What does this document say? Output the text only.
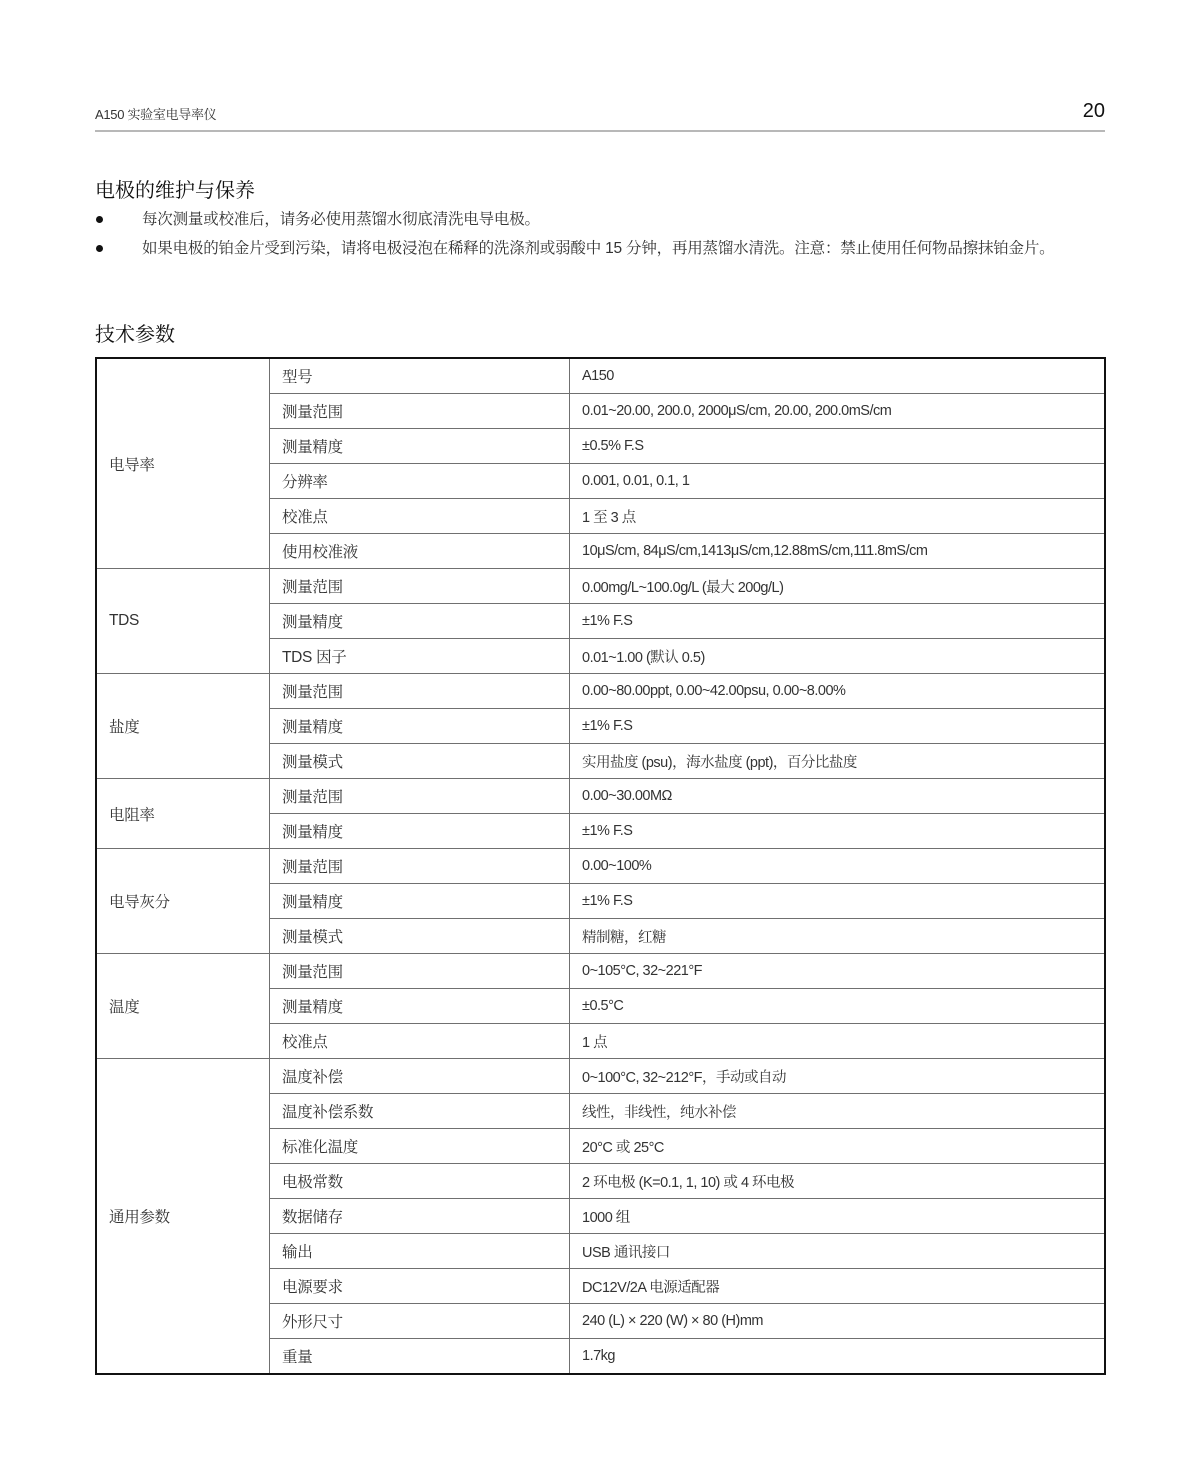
A150 实验室电导率仪	20
电极的维护与保养
每次测量或校准后，请务必使用蒸馏水彻底清洗电导电极。
如果电极的铂金片受到污染，请将电极浸泡在稀释的洗涤剂或弱酸中 15 分钟，再用蒸馏水清洗。注意：禁止使用任何物品擦抹铂金片。
技术参数
电导率	型号	A150
	测量范围	0.01~20.00, 200.0, 2000μS/cm, 20.00, 200.0mS/cm
	测量精度	±0.5% F.S
	分辨率	0.001, 0.01, 0.1, 1
	校准点	1 至 3 点
	使用校准液	10μS/cm, 84μS/cm,1413μS/cm,12.88mS/cm,111.8mS/cm
TDS	测量范围	0.00mg/L~100.0g/L (最大 200g/L)
	测量精度	±1% F.S
	TDS 因子	0.01~1.00 (默认 0.5)
盐度	测量范围	0.00~80.00ppt, 0.00~42.00psu, 0.00~8.00%
	测量精度	±1% F.S
	测量模式	实用盐度 (psu)，海水盐度 (ppt)，百分比盐度
电阻率	测量范围	0.00~30.00MΩ
	测量精度	±1% F.S
电导灰分	测量范围	0.00~100%
	测量精度	±1% F.S
	测量模式	精制糖，红糖
温度	测量范围	0~105°C, 32~221°F
	测量精度	±0.5°C
	校准点	1 点
通用参数	温度补偿	0~100°C, 32~212°F，手动或自动
	温度补偿系数	线性，非线性，纯水补偿
	标准化温度	20°C 或 25°C
	电极常数	2 环电极 (K=0.1, 1, 10) 或 4 环电极
	数据储存	1000 组
	输出	USB 通讯接口
	电源要求	DC12V/2A 电源适配器
	外形尺寸	240 (L) × 220 (W) × 80 (H)mm
	重量	1.7kg
